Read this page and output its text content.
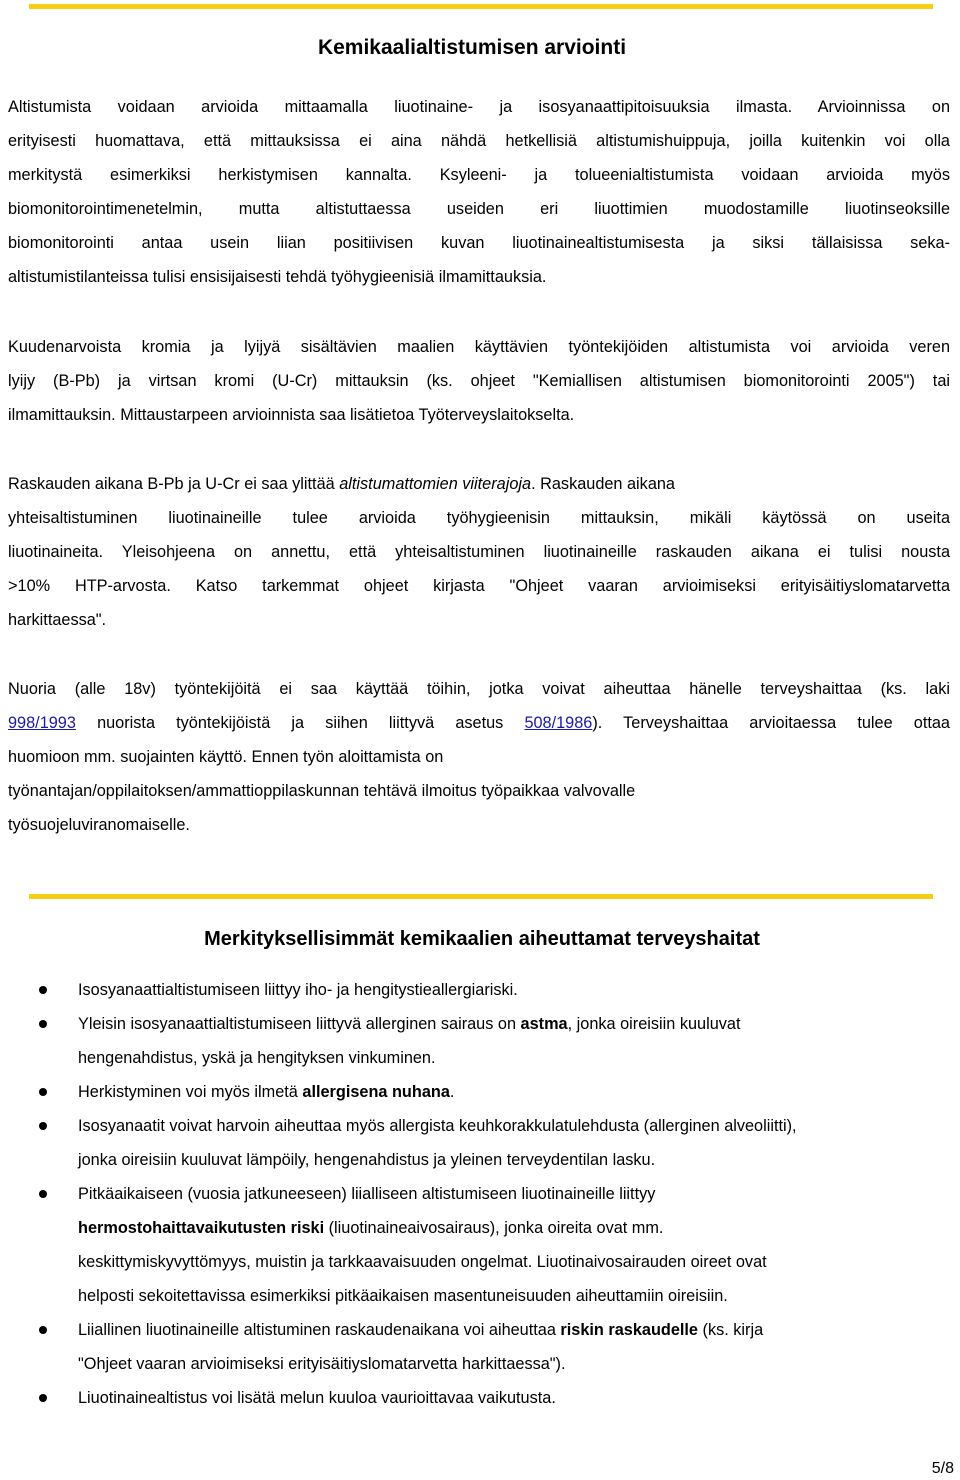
Kemikaalialtistumisen arviointi
Altistumista voidaan arvioida mittaamalla liuotinaine- ja isosyanaattipitoisuuksia ilmasta. Arvioinnissa on
erityisesti huomattava, että mittauksissa ei aina nähdä hetkellisiä altistumishuippuja, joilla kuitenkin voi olla
merkitystä esimerkiksi herkistymisen kannalta. Ksyleeni- ja tolueenialtistumista voidaan arvioida myös
biomonitorointimenetelmin, mutta altistuttaessa useiden eri liuottimien muodostamille liuotinseoksille
biomonitorointi antaa usein liian positiivisen kuvan liuotinainealtistumisesta ja siksi tällaisissa seka-
altistumistilanteissa tulisi ensisijaisesti tehdä työhygieenisiä ilmamittauksia.
Kuudenarvoista kromia ja lyijyä sisältävien maalien käyttävien työntekijöiden altistumista voi arvioida veren
lyijy (B-Pb) ja virtsan kromi (U-Cr) mittauksin (ks. ohjeet "Kemiallisen altistumisen biomonitorointi 2005") tai
ilmamittauksin. Mittaustarpeen arvioinnista saa lisätietoa Työterveyslaitokselta.
Raskauden aikana B-Pb ja U-Cr ei saa ylittää altistumattomien viiterajoja. Raskauden aikana
yhteisaltistuminen liuotinaineille tulee arvioida työhygieenisin mittauksin, mikäli käytössä on useita
liuotinaineita. Yleisohjeena on annettu, että yhteisaltistuminen liuotinaineille raskauden aikana ei tulisi nousta
>10% HTP-arvosta. Katso tarkemmat ohjeet kirjasta "Ohjeet vaaran arvioimiseksi erityisäitiyslomatarvetta
harkittaessa".
Nuoria (alle 18v) työntekijöitä ei saa käyttää töihin, jotka voivat aiheuttaa hänelle terveyshaittaa (ks. laki
998/1993 nuorista työntekijöistä ja siihen liittyvä asetus 508/1986). Terveyshaittaa arvioitaessa tulee ottaa
huomioon mm. suojainten käyttö. Ennen työn aloittamista on
työnantajan/oppilaitoksen/ammattioppilaskunnan tehtävä ilmoitus työpaikkaa valvovalle
työsuojeluviranomaiselle.
Merkityksellisimmät kemikaalien aiheuttamat terveyshaitat
Isosyanaattialtistumiseen liittyy iho- ja hengitystieallergiariski.
Yleisin isosyanaattialtistumiseen liittyvä allerginen sairaus on astma, jonka oireisiin kuuluvat
hengenahdistus, yskä ja hengityksen vinkuminen.
Herkistyminen voi myös ilmetä allergisena nuhana.
Isosyanaatit voivat harvoin aiheuttaa myös allergista keuhkorakkulatulehdusta (allerginen alveoliitti),
jonka oireisiin kuuluvat lämpöily, hengenahdistus ja yleinen terveydentilan lasku.
Pitkäaikaiseen (vuosia jatkuneeseen) liialliseen altistumiseen liuotinaineille liittyy
hermostohaittavaikutusten riski (liuotinaineaivosairaus), jonka oireita ovat mm.
keskittymiskyvyttömyys, muistin ja tarkkaavaisuuden ongelmat. Liuotinaivosairauden oireet ovat
helposti sekoitettavissa esimerkiksi pitkäaikaisen masentuneisuuden aiheuttamiin oireisiin.
Liiallinen liuotinaineille altistuminen raskaudenaikana voi aiheuttaa riskin raskaudelle (ks. kirja
"Ohjeet vaaran arvioimiseksi erityisäitiyslomatarvetta harkittaessa").
Liuotinainealtistus voi lisätä melun kuuloa vaurioittavaa vaikutusta.
5/8
